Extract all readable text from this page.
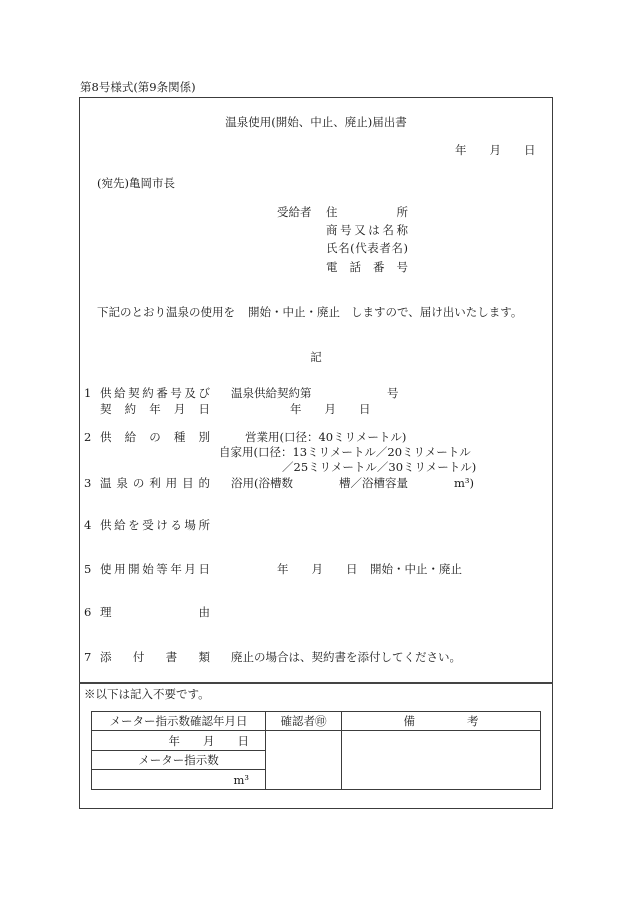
第8号様式(第9条関係)
温泉使用(開始、中止、廃止)届出書
年　　月　　日
(宛先)亀岡市長
受給者 住　　　　所
商号又は名称
氏名(代表者名)
電　話　番　号
下記のとおり温泉の使用を 開始・中止・廃止 しますので、届け出いたします。
記
1 供給契約番号及び 温泉供給契約第	号
契　約　年　月　日	年　　月　　日
2 供　給　の　種　別	営業用(口径：40ミリメートル)
自家用(口径：13ミリメートル／20ミリメートル
／25ミリメートル／30ミリメートル)
3 温泉の利用目的 浴用(浴槽数　　　　槽／浴槽容量　　　　m³)
4 供給を受ける場所
5 使用開始等年月日	年　　月　　日 開始・中止・廃止
6 理　　　　　　由
7 添　付　書　類 廃止の場合は、契約書を添付してください。
※以下は記入不要です。
メーター指示数確認年月日	確認者㊞	備　　考
年　　月　　日		
メーター指示数		
m³		
